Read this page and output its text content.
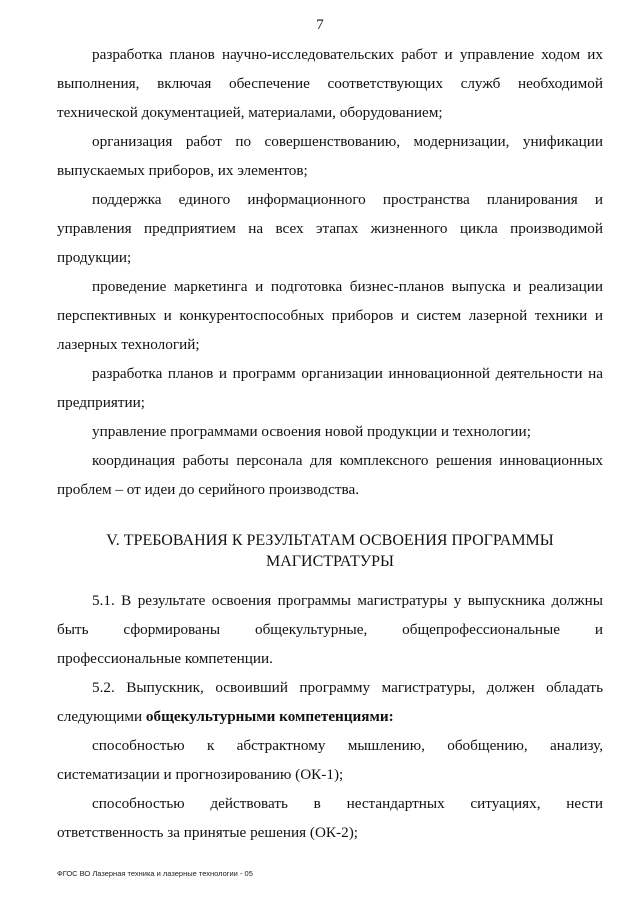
7

разработка планов научно-исследовательских работ и управление ходом их выполнения, включая обеспечение соответствующих служб необходимой технической документацией, материалами, оборудованием;

организация работ по совершенствованию, модернизации, унификации выпускаемых приборов, их элементов;

поддержка единого информационного пространства планирования и управления предприятием на всех этапах жизненного цикла производимой продукции;

проведение маркетинга и подготовка бизнес-планов выпуска и реализации перспективных и конкурентоспособных приборов и систем лазерной техники и лазерных технологий;

разработка планов и программ организации инновационной деятельности на предприятии;

управление программами освоения новой продукции и технологии;

координация работы персонала для комплексного решения инновационных проблем – от идеи до серийного производства.

V. ТРЕБОВАНИЯ К РЕЗУЛЬТАТАМ ОСВОЕНИЯ ПРОГРАММЫ
МАГИСТРАТУРЫ

5.1. В результате освоения программы магистратуры у выпускника должны быть сформированы общекультурные, общепрофессиональные и профессиональные компетенции.

5.2. Выпускник, освоивший программу магистратуры, должен обладать следующими общекультурными компетенциями:

способностью к абстрактному мышлению, обобщению, анализу, систематизации и прогнозированию (ОК-1);

способностью действовать в нестандартных ситуациях, нести ответственность за принятые решения (ОК-2);

ФГОС ВО Лазерная техника и лазерные технологии - 05
